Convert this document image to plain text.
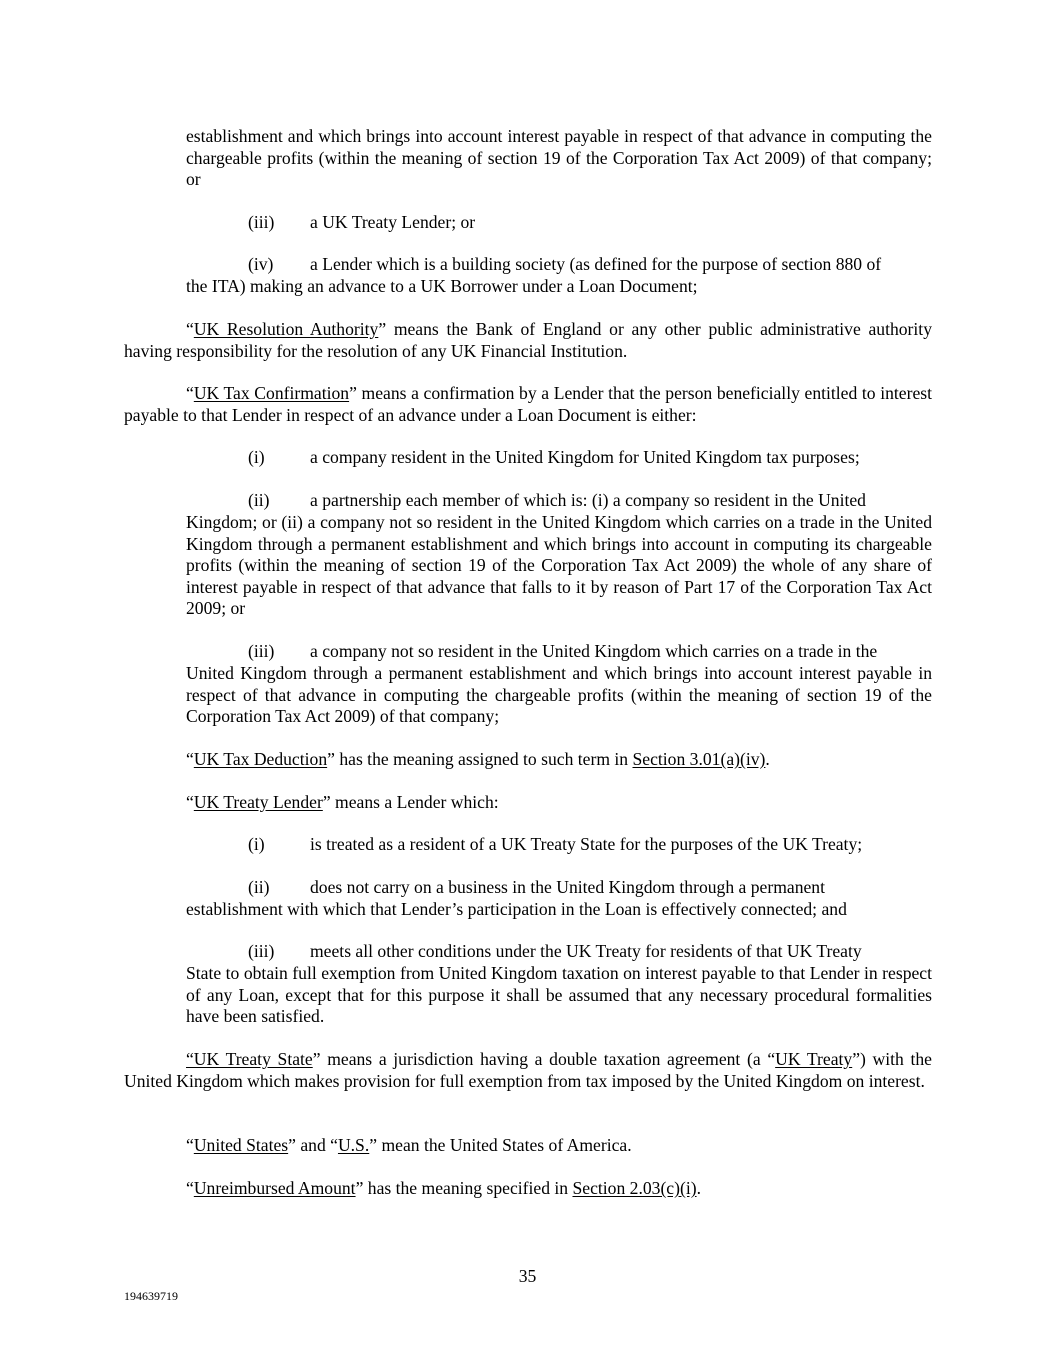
establishment and which brings into account interest payable in respect of that advance in computing the chargeable profits (within the meaning of section 19 of the Corporation Tax Act 2009) of that company; or
(iii) a UK Treaty Lender; or
(iv) a Lender which is a building society (as defined for the purpose of section 880 of
the ITA) making an advance to a UK Borrower under a Loan Document;
“UK Resolution Authority” means the Bank of England or any other public administrative authority having responsibility for the resolution of any UK Financial Institution.
“UK Tax Confirmation” means a confirmation by a Lender that the person beneficially entitled to interest payable to that Lender in respect of an advance under a Loan Document is either:
(i)	a company resident in the United Kingdom for United Kingdom tax purposes;
(ii) a partnership each member of which is: (i) a company so resident in the United
Kingdom; or (ii) a company not so resident in the United Kingdom which carries on a trade in the United Kingdom through a permanent establishment and which brings into account in computing its chargeable profits (within the meaning of section 19 of the Corporation Tax Act 2009) the whole of any share of interest payable in respect of that advance that falls to it by reason of Part 17 of the Corporation Tax Act 2009; or
(iii) a company not so resident in the United Kingdom which carries on a trade in the
United Kingdom through a permanent establishment and which brings into account interest payable in respect of that advance in computing the chargeable profits (within the meaning of section 19 of the Corporation Tax Act 2009) of that company;
“UK Tax Deduction” has the meaning assigned to such term in Section 3.01(a)(iv).
“UK Treaty Lender” means a Lender which:
(i)	is treated as a resident of a UK Treaty State for the purposes of the UK Treaty;
(ii) does not carry on a business in the United Kingdom through a permanent
establishment with which that Lender’s participation in the Loan is effectively connected; and
(iii) meets all other conditions under the UK Treaty for residents of that UK Treaty
State to obtain full exemption from United Kingdom taxation on interest payable to that Lender in respect of any Loan, except that for this purpose it shall be assumed that any necessary procedural formalities have been satisfied.
“UK Treaty State” means a jurisdiction having a double taxation agreement (a “UK Treaty”) with the United Kingdom which makes provision for full exemption from tax imposed by the United Kingdom on interest.
“United States” and “U.S.” mean the United States of America.
“Unreimbursed Amount” has the meaning specified in Section 2.03(c)(i).
35
194639719
